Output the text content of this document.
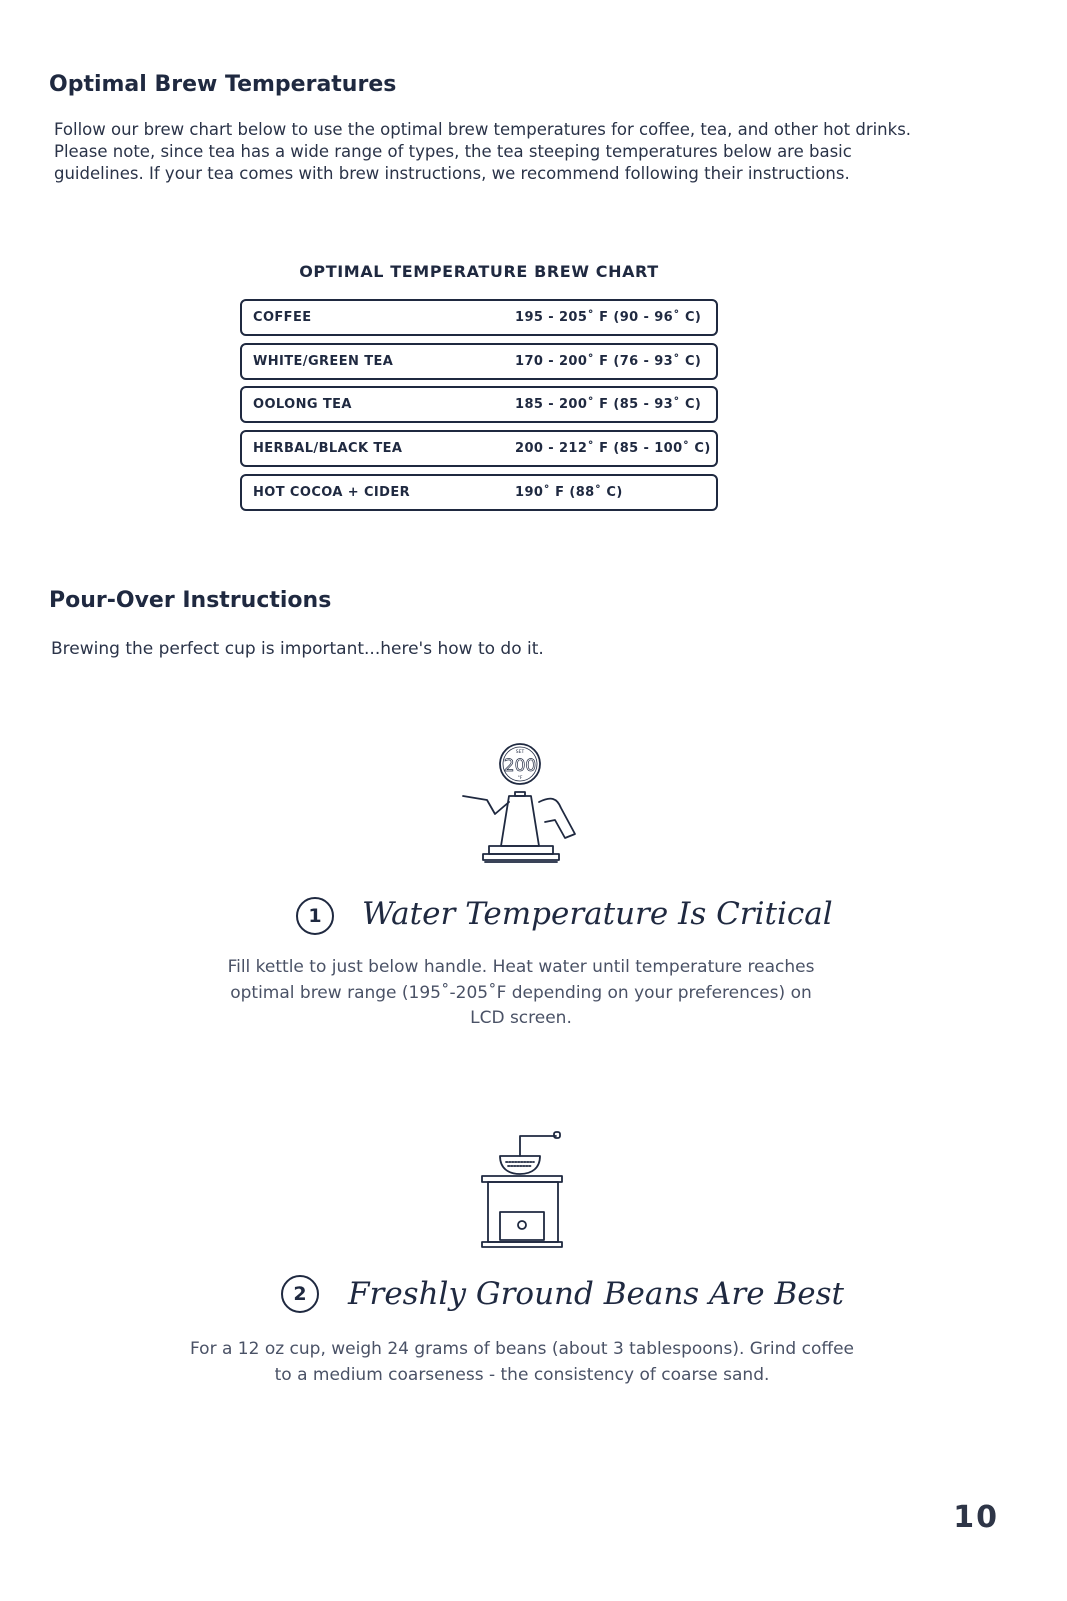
Optimal Brew Temperatures
Follow our brew chart below to use the optimal brew temperatures for coffee, tea, and other hot drinks. Please note, since tea has a wide range of types, the tea steeping temperatures below are basic guidelines. If your tea comes with brew instructions, we recommend following their instructions.
OPTIMAL TEMPERATURE BREW CHART
COFFEE	195 - 205˚ F (90 - 96˚ C)
WHITE/GREEN TEA	170 - 200˚ F (76 - 93˚ C)
OOLONG TEA	185 - 200˚ F (85 - 93˚ C)
HERBAL/BLACK TEA	200 - 212˚ F (85 - 100˚ C)
HOT COCOA + CIDER	190˚ F (88˚ C)
Pour-Over Instructions
Brewing the perfect cup is important...here's how to do it.
SET
200
°F
1	Water Temperature Is Critical
Fill kettle to just below handle. Heat water until temperature reaches optimal brew range (195˚-205˚F depending on your preferences) on LCD screen.
2	Freshly Ground Beans Are Best
For a 12 oz cup, weigh 24 grams of beans (about 3 tablespoons). Grind coffee to a medium coarseness - the consistency of coarse sand.
10
